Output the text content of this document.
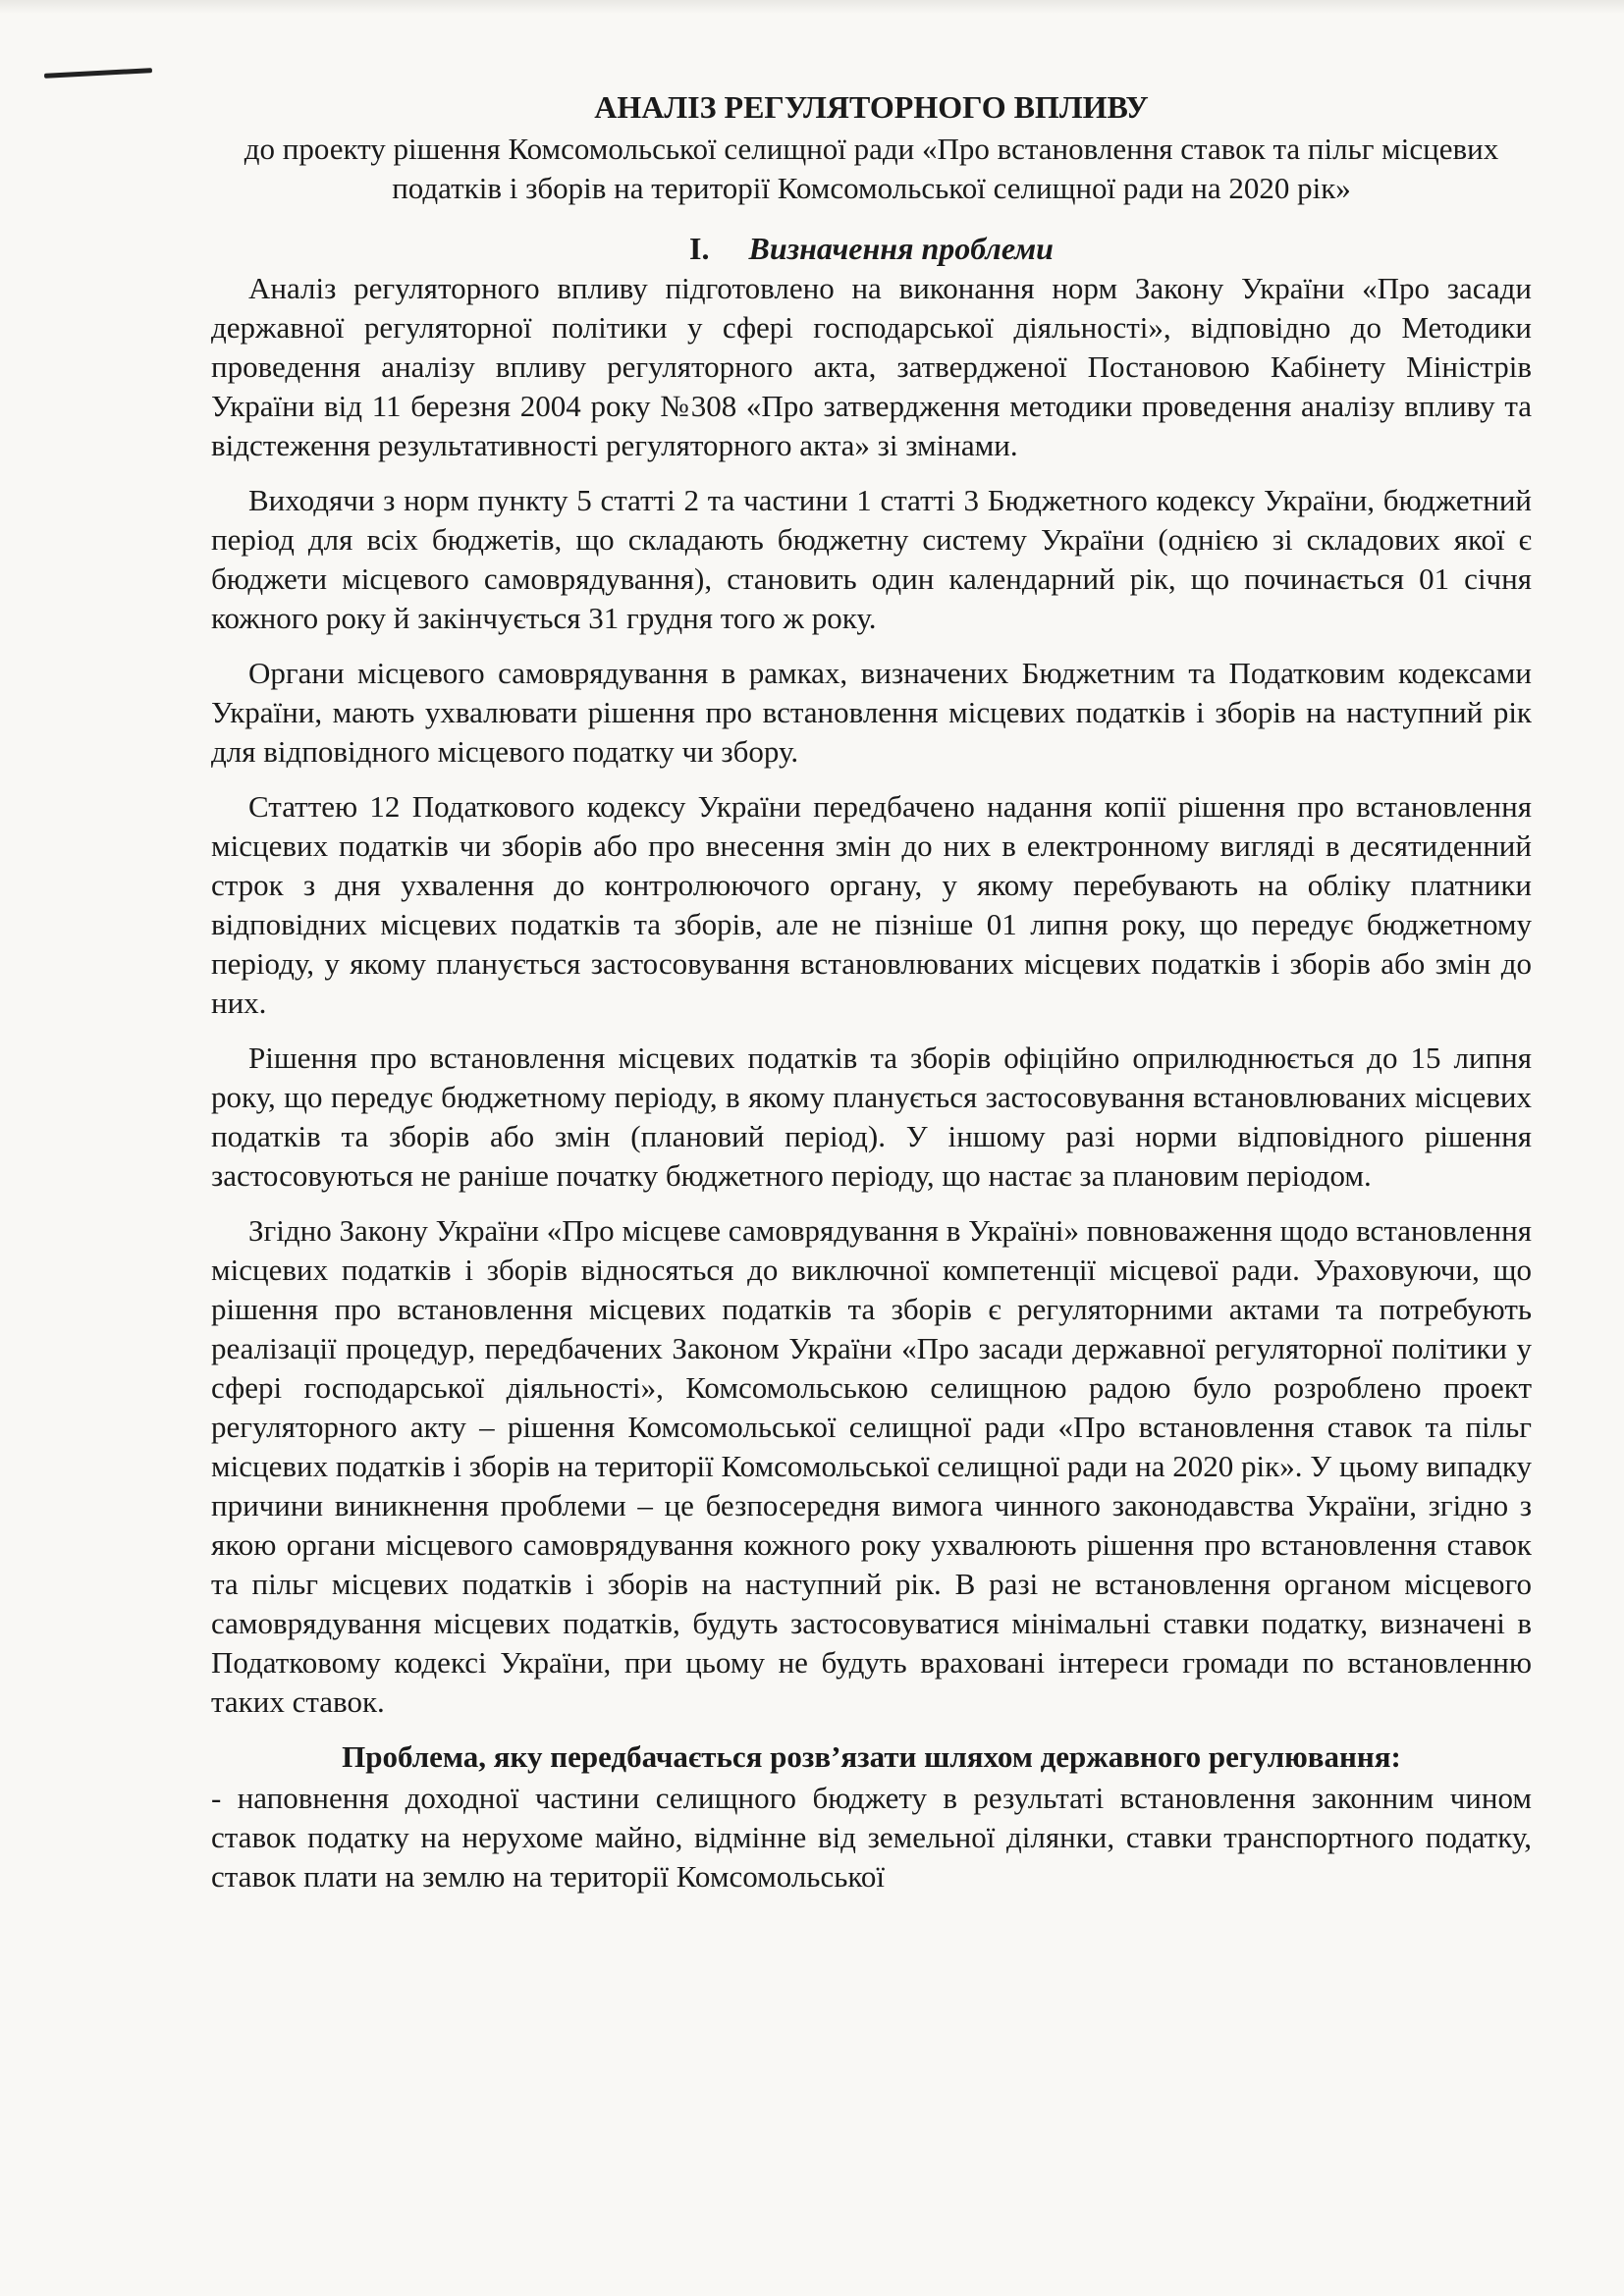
АНАЛІЗ РЕГУЛЯТОРНОГО ВПЛИВУ
до проекту рішення Комсомольської селищної ради «Про встановлення ставок та пільг місцевих податків і зборів на території Комсомольської селищної ради на 2020 рік»
I. Визначення проблеми

Аналіз регуляторного впливу підготовлено на виконання норм Закону України «Про засади державної регуляторної політики у сфері господарської діяльності», відповідно до Методики проведення аналізу впливу регуляторного акта, затвердженої Постановою Кабінету Міністрів України від 11 березня 2004 року №308 «Про затвердження методики проведення аналізу впливу та відстеження результативності регуляторного акта» зі змінами.

Виходячи з норм пункту 5 статті 2 та частини 1 статті 3 Бюджетного кодексу України, бюджетний період для всіх бюджетів, що складають бюджетну систему України (однією зі складових якої є бюджети місцевого самоврядування), становить один календарний рік, що починається 01 січня кожного року й закінчується 31 грудня того ж року.

Органи місцевого самоврядування в рамках, визначених Бюджетним та Податковим кодексами України, мають ухвалювати рішення про встановлення місцевих податків і зборів на наступний рік для відповідного місцевого податку чи збору.

Статтею 12 Податкового кодексу України передбачено надання копії рішення про встановлення місцевих податків чи зборів або про внесення змін до них в електронному вигляді в десятиденний строк з дня ухвалення до контролюючого органу, у якому перебувають на обліку платники відповідних місцевих податків та зборів, але не пізніше 01 липня року, що передує бюджетному періоду, у якому планується застосовування встановлюваних місцевих податків і зборів або змін до них.

Рішення про встановлення місцевих податків та зборів офіційно оприлюднюється до 15 липня року, що передує бюджетному періоду, в якому планується застосовування встановлюваних місцевих податків та зборів або змін (плановий період). У іншому разі норми відповідного рішення застосовуються не раніше початку бюджетного періоду, що настає за плановим періодом.

Згідно Закону України «Про місцеве самоврядування в Україні» повноваження щодо встановлення місцевих податків і зборів відносяться до виключної компетенції місцевої ради. Ураховуючи, що рішення про встановлення місцевих податків та зборів є регуляторними актами та потребують реалізації процедур, передбачених Законом України «Про засади державної регуляторної політики у сфері господарської діяльності», Комсомольською селищною радою було розроблено проект регуляторного акту – рішення Комсомольської селищної ради «Про встановлення ставок та пільг місцевих податків і зборів на території Комсомольської селищної ради на 2020 рік». У цьому випадку причини виникнення проблеми – це безпосередня вимога чинного законодавства України, згідно з якою органи місцевого самоврядування кожного року ухвалюють рішення про встановлення ставок та пільг місцевих податків і зборів на наступний рік. В разі не встановлення органом місцевого самоврядування місцевих податків, будуть застосовуватися мінімальні ставки податку, визначені в Податковому кодексі України, при цьому не будуть враховані інтереси громади по встановленню таких ставок.

Проблема, яку передбачається розв’язати шляхом державного регулювання:

- наповнення доходної частини селищного бюджету в результаті встановлення законним чином ставок податку на нерухоме майно, відмінне від земельної ділянки, ставки транспортного податку, ставок плати на землю на території Комсомольської
